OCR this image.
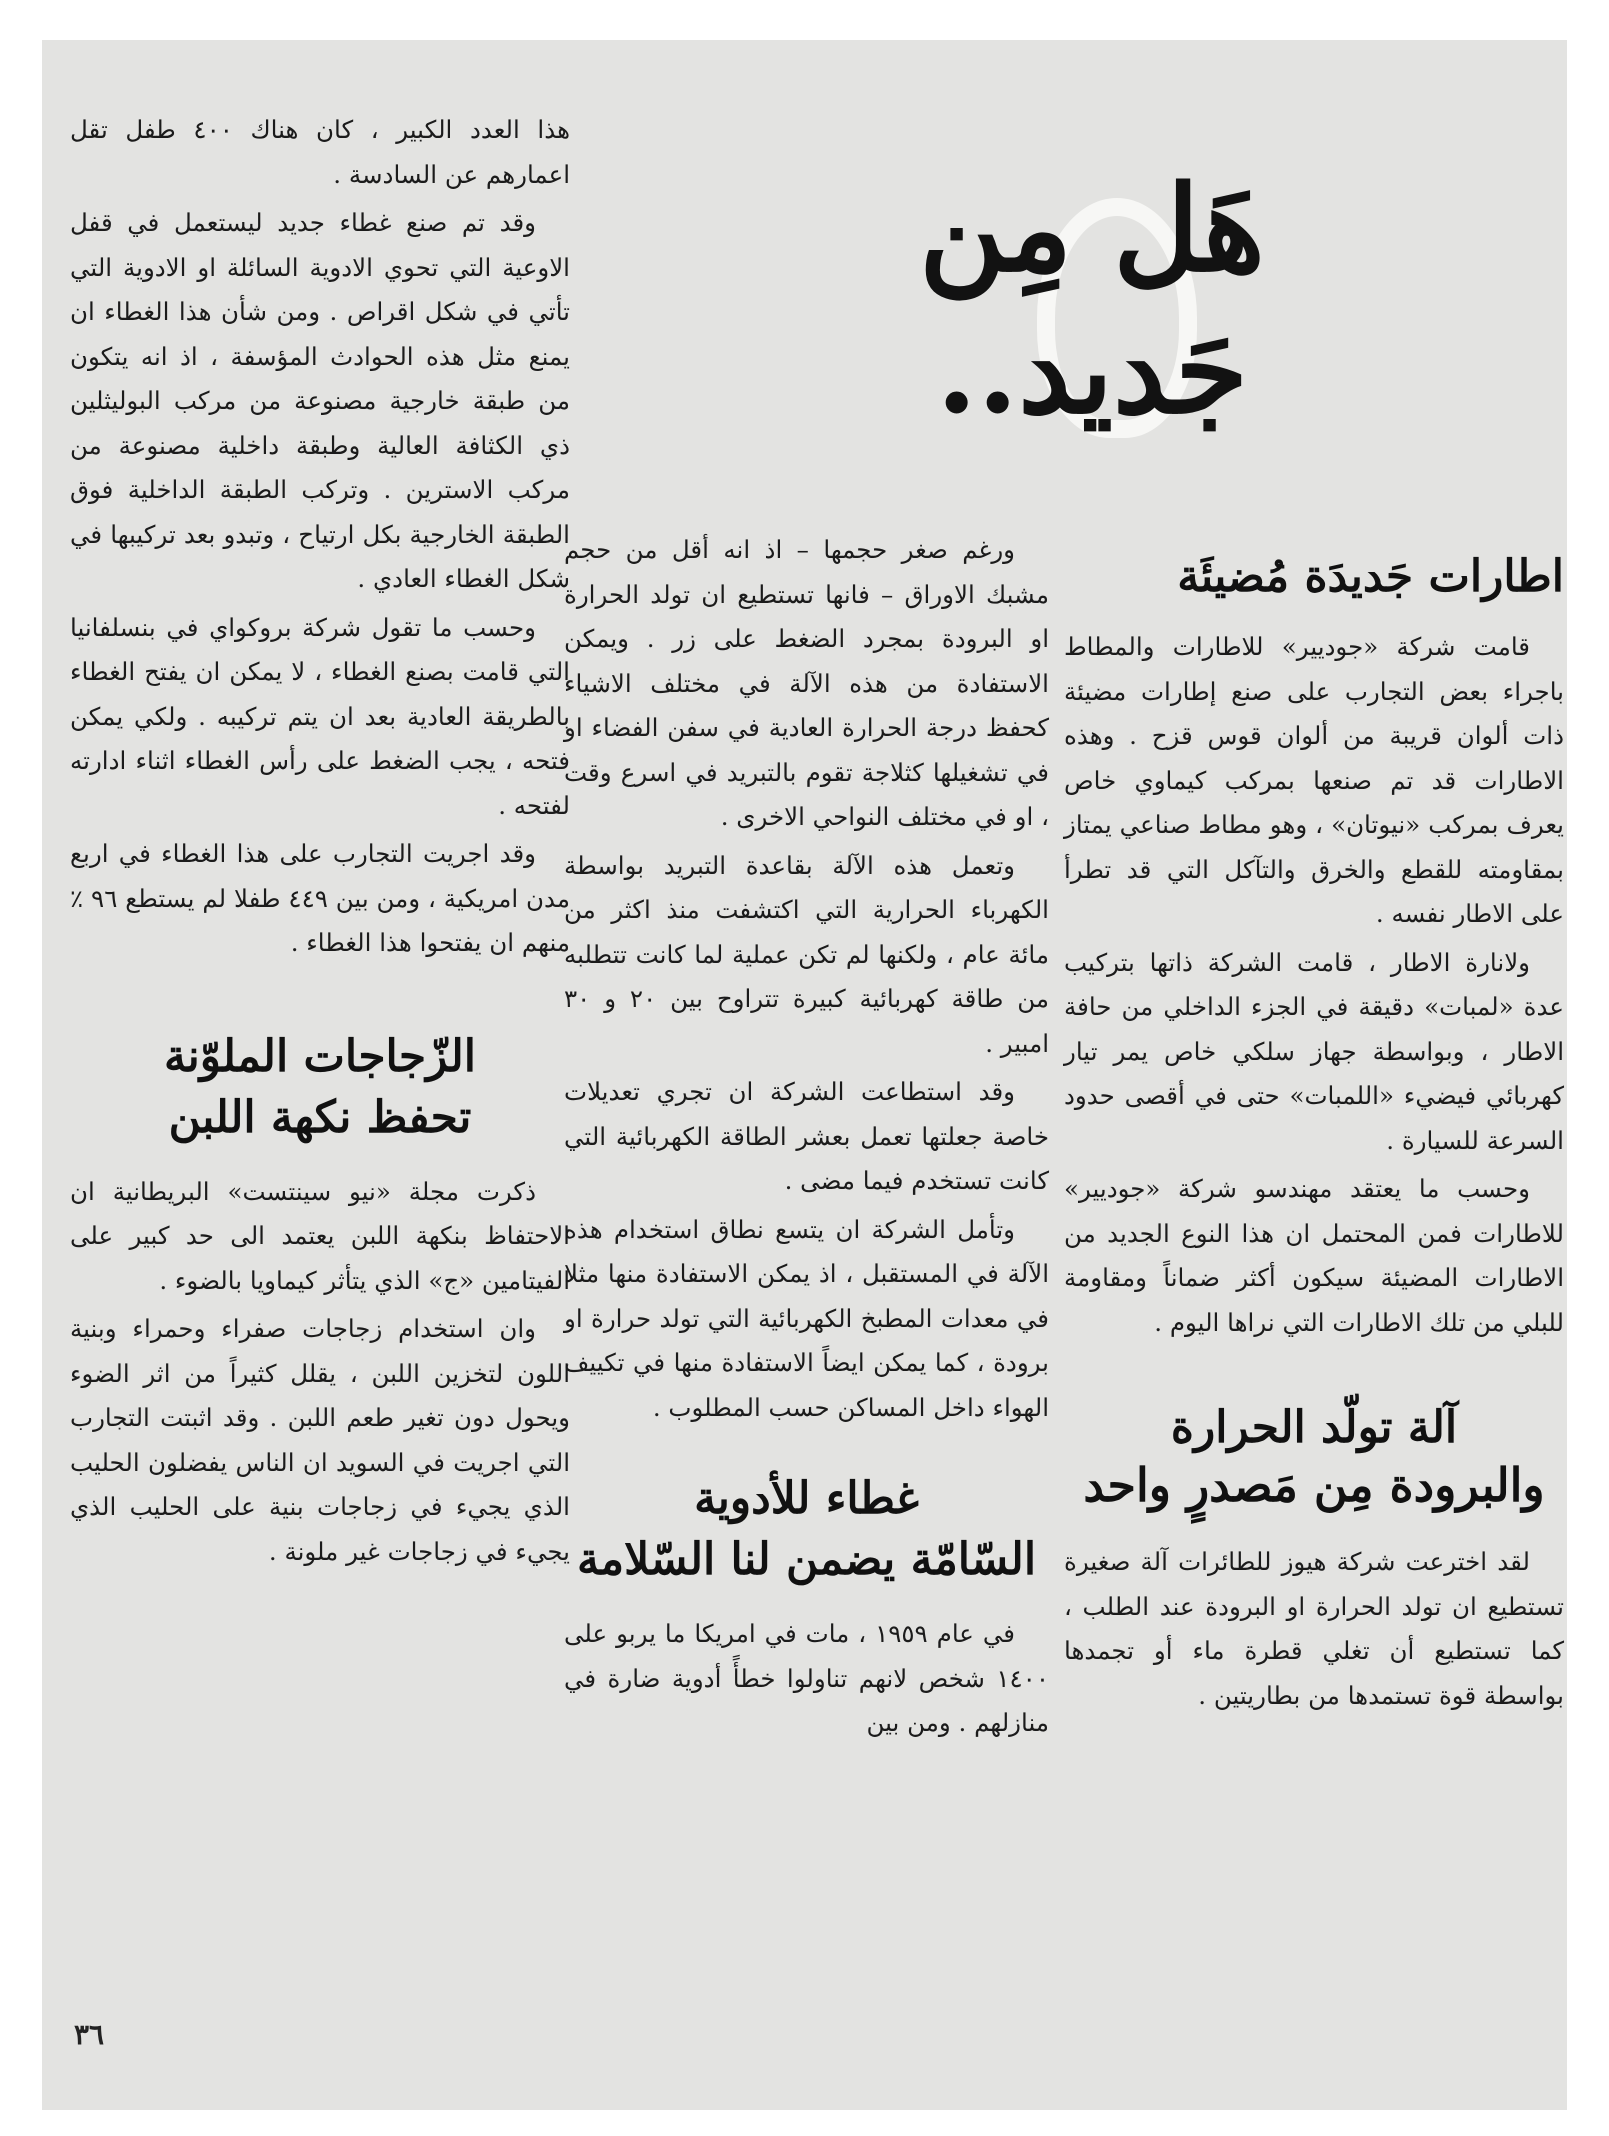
هَل مِن جَديد..
اطارات جَديدَة مُضيئَة

قامت شركة «جوديير» للاطارات والمطاط باجراء بعض التجارب على صنع إطارات مضيئة ذات ألوان قريبة من ألوان قوس قزح . وهذه الاطارات قد تم صنعها بمركب كيماوي خاص يعرف بمركب «نيوتان» ، وهو مطاط صناعي يمتاز بمقاومته للقطع والخرق والتآكل التي قد تطرأ على الاطار نفسه .

ولانارة الاطار ، قامت الشركة ذاتها بتركيب عدة «لمبات» دقيقة في الجزء الداخلي من حافة الاطار ، وبواسطة جهاز سلكي خاص يمر تيار كهربائي فيضيء «اللمبات» حتى في أقصى حدود السرعة للسيارة .

وحسب ما يعتقد مهندسو شركة «جوديير» للاطارات فمن المحتمل ان هذا النوع الجديد من الاطارات المضيئة سيكون أكثر ضماناً ومقاومة للبلي من تلك الاطارات التي نراها اليوم .

آلة تولّد الحرارة
والبرودة مِن مَصدرٍ واحد

لقد اخترعت شركة هيوز للطائرات آلة صغيرة تستطيع ان تولد الحرارة او البرودة عند الطلب ، كما تستطيع أن تغلي قطرة ماء أو تجمدها بواسطة قوة تستمدها من بطاريتين .

ورغم صغر حجمها – اذ انه أقل من حجم مشبك الاوراق – فانها تستطيع ان تولد الحرارة او البرودة بمجرد الضغط على زر . ويمكن الاستفادة من هذه الآلة في مختلف الاشياء كحفظ درجة الحرارة العادية في سفن الفضاء او في تشغيلها كثلاجة تقوم بالتبريد في اسرع وقت ، او في مختلف النواحي الاخرى .

وتعمل هذه الآلة بقاعدة التبريد بواسطة الكهرباء الحرارية التي اكتشفت منذ اكثر من مائة عام ، ولكنها لم تكن عملية لما كانت تتطلبه من طاقة كهربائية كبيرة تتراوح بين ٢٠ و ٣٠ امبير .

وقد استطاعت الشركة ان تجري تعديلات خاصة جعلتها تعمل بعشر الطاقة الكهربائية التي كانت تستخدم فيما مضى .

وتأمل الشركة ان يتسع نطاق استخدام هذه الآلة في المستقبل ، اذ يمكن الاستفادة منها مثلا في معدات المطبخ الكهربائية التي تولد حرارة او برودة ، كما يمكن ايضاً الاستفادة منها في تكييف الهواء داخل المساكن حسب المطلوب .

غطاء للأدوية
السّامّة يضمن لنا السّلامة

في عام ١٩٥٩ ، مات في امريكا ما يربو على ١٤٠٠ شخص لانهم تناولوا خطأً أدوية ضارة في منازلهم . ومن بين

هذا العدد الكبير ، كان هناك ٤٠٠ طفل تقل اعمارهم عن السادسة .

وقد تم صنع غطاء جديد ليستعمل في قفل الاوعية التي تحوي الادوية السائلة او الادوية التي تأتي في شكل اقراص . ومن شأن هذا الغطاء ان يمنع مثل هذه الحوادث المؤسفة ، اذ انه يتكون من طبقة خارجية مصنوعة من مركب البوليثلين ذي الكثافة العالية وطبقة داخلية مصنوعة من مركب الاسترين . وتركب الطبقة الداخلية فوق الطبقة الخارجية بكل ارتياح ، وتبدو بعد تركيبها في شكل الغطاء العادي .

وحسب ما تقول شركة بروكواي في بنسلفانيا التي قامت بصنع الغطاء ، لا يمكن ان يفتح الغطاء بالطريقة العادية بعد ان يتم تركيبه . ولكي يمكن فتحه ، يجب الضغط على رأس الغطاء اثناء ادارته لفتحه .

وقد اجريت التجارب على هذا الغطاء في اربع مدن امريكية ، ومن بين ٤٤٩ طفلا لم يستطع ٩٦ ٪ منهم ان يفتحوا هذا الغطاء .

الزّجاجات الملوّنة
تحفظ نكهة اللبن

ذكرت مجلة «نيو سينتست» البريطانية ان الاحتفاظ بنكهة اللبن يعتمد الى حد كبير على الفيتامين «ج» الذي يتأثر كيماويا بالضوء .

وان استخدام زجاجات صفراء وحمراء وبنية اللون لتخزين اللبن ، يقلل كثيراً من اثر الضوء ويحول دون تغير طعم اللبن . وقد اثبتت التجارب التي اجريت في السويد ان الناس يفضلون الحليب الذي يجيء في زجاجات بنية على الحليب الذي يجيء في زجاجات غير ملونة .

٣٦
